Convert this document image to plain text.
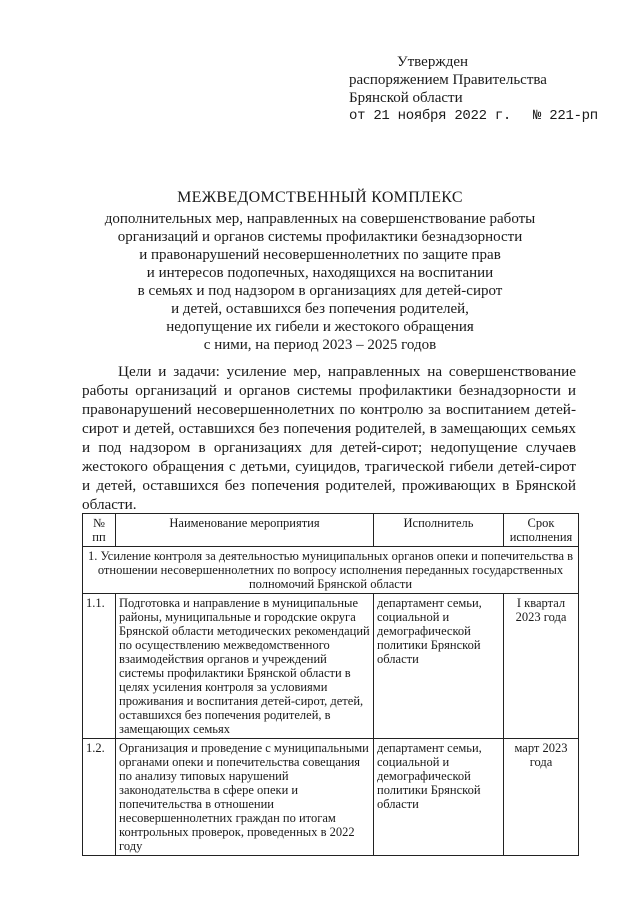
Утвержден
распоряжением Правительства
Брянской области
от 21 ноября 2022 г. № 221-рп
МЕЖВЕДОМСТВЕННЫЙ КОМПЛЕКС
дополнительных мер, направленных на совершенствование работы
организаций и органов системы профилактики безнадзорности
и правонарушений несовершеннолетних по защите прав
и интересов подопечных, находящихся на воспитании
в семьях и под надзором в организациях для детей-сирот
и детей, оставшихся без попечения родителей,
недопущение их гибели и жестокого обращения
с ними, на период 2023 – 2025 годов

Цели и задачи: усиление мер, направленных на совершенствование работы организаций и органов системы профилактики безнадзорности и правонарушений несовершеннолетних по контролю за воспитанием детей-сирот и детей, оставшихся без попечения родителей, в замещающих семьях и под надзором в организациях для детей-сирот; недопущение случаев жестокого обращения с детьми, суицидов, трагической гибели детей-сирот и детей, оставшихся без попечения родителей, проживающих в Брянской области.

№ пп	Наименование мероприятия	Исполнитель	Срок исполнения
1. Усиление контроля за деятельностью муниципальных органов опеки и попечительства в отношении несовершеннолетних по вопросу исполнения переданных государственных полномочий Брянской области			
1.1.	Подготовка и направление в муниципальные районы, муниципальные и городские округа Брянской области методических рекомендаций по осуществлению межведомственного взаимодействия органов и учреждений системы профилактики Брянской области в целях усиления контроля за условиями проживания и воспитания детей-сирот, детей, оставшихся без попечения родителей, в замещающих семьях	департамент семьи, социальной и демографической политики Брянской области	I квартал 2023 года
1.2.	Организация и проведение с муниципальными органами опеки и попечительства совещания по анализу типовых нарушений законодательства в сфере опеки и попечительства в отношении несовершеннолетних граждан по итогам контрольных проверок, проведенных в 2022 году	департамент семьи, социальной и демографической политики Брянской области	март 2023 года
